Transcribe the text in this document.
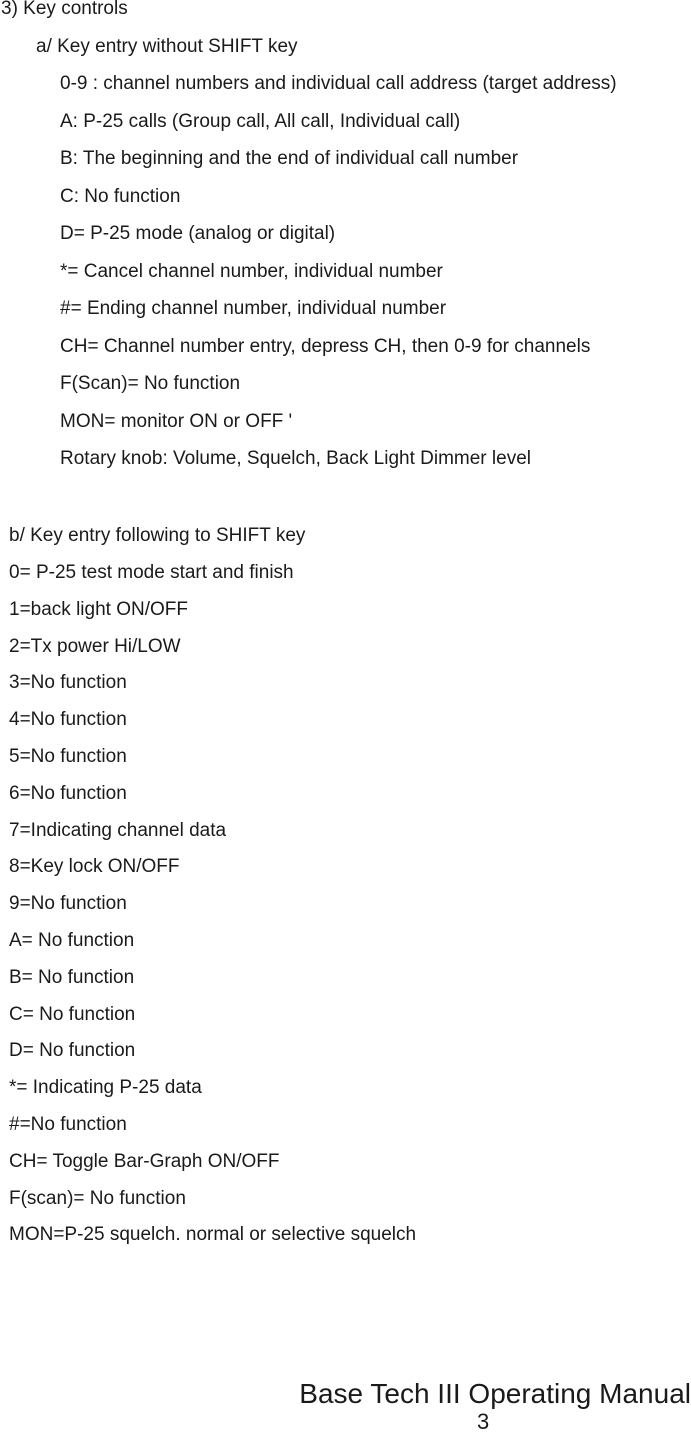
3) Key controls
a/ Key entry without SHIFT key
0-9 : channel numbers and individual call address (target address)
A: P-25 calls (Group call, All call, Individual call)
B: The beginning and the end of individual call number
C: No function
D= P-25 mode (analog or digital)
*= Cancel channel number, individual number
#= Ending channel number, individual number
CH= Channel number entry, depress CH, then 0-9 for channels
F(Scan)= No function
MON= monitor ON or OFF '
Rotary knob: Volume, Squelch, Back Light Dimmer level
b/ Key entry following to SHIFT key
0= P-25 test mode start and finish
1=back light ON/OFF
2=Tx power Hi/LOW
3=No function
4=No function
5=No function
6=No function
7=Indicating channel data
8=Key lock ON/OFF
9=No function
A= No function
B= No function
C= No function
D= No function
*= Indicating P-25 data
#=No function
CH= Toggle Bar-Graph ON/OFF
F(scan)= No function
MON=P-25 squelch. normal or selective squelch
Base Tech III Operating Manual
3
